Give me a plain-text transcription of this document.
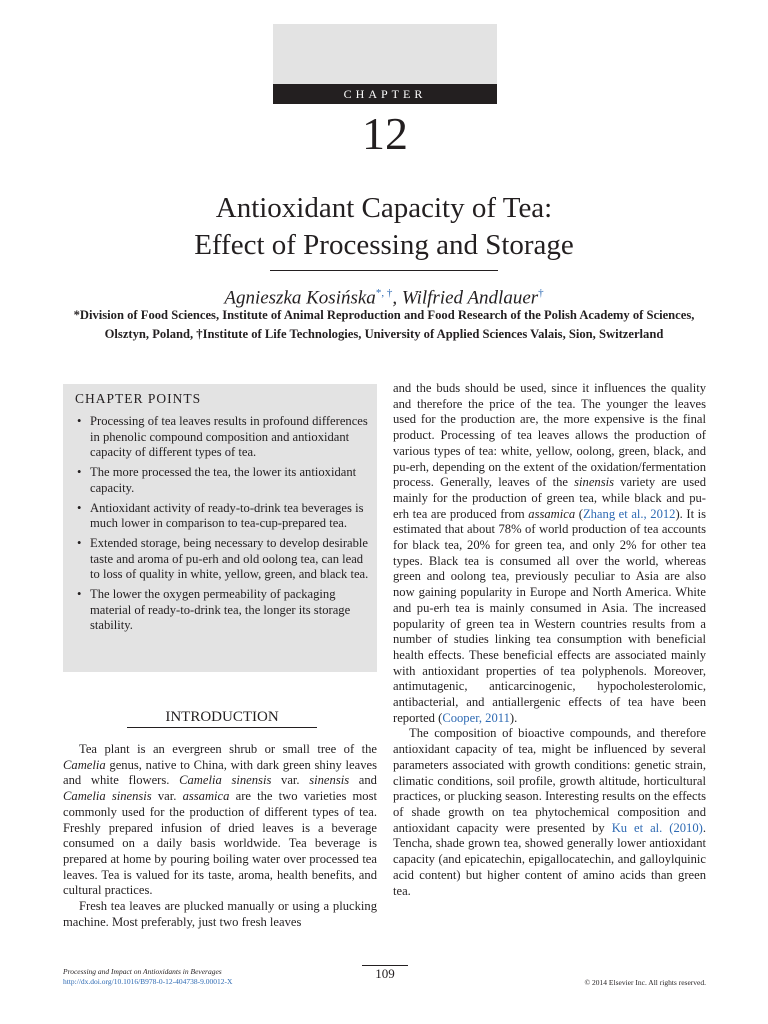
CHAPTER
12
Antioxidant Capacity of Tea:
Effect of Processing and Storage
Agnieszka Kosińska*, †, Wilfried Andlauer†
*Division of Food Sciences, Institute of Animal Reproduction and Food Research of the Polish Academy of Sciences,
Olsztyn, Poland, †Institute of Life Technologies, University of Applied Sciences Valais, Sion, Switzerland
CHAPTER POINTS
• Processing of tea leaves results in profound differences in phenolic compound composition and antioxidant capacity of different types of tea.
• The more processed the tea, the lower its antioxidant capacity.
• Antioxidant activity of ready-to-drink tea beverages is much lower in comparison to tea-cup-prepared tea.
• Extended storage, being necessary to develop desirable taste and aroma of pu-erh and old oolong tea, can lead to loss of quality in white, yellow, green, and black tea.
• The lower the oxygen permeability of packaging material of ready-to-drink tea, the longer its storage stability.
INTRODUCTION

Tea plant is an evergreen shrub or small tree of the Camelia genus, native to China, with dark green shiny leaves and white flowers. Camelia sinensis var. sinensis and Camelia sinensis var. assamica are the two varieties most commonly used for the production of different types of tea. Freshly prepared infusion of dried leaves is a beverage consumed on a daily basis worldwide. Tea beverage is prepared at home by pouring boiling water over processed tea leaves. Tea is valued for its taste, aroma, health benefits, and cultural practices.

Fresh tea leaves are plucked manually or using a plucking machine. Most preferably, just two fresh leaves

and the buds should be used, since it influences the quality and therefore the price of the tea. The younger the leaves used for the production are, the more expensive is the final product. Processing of tea leaves allows the production of various types of tea: white, yellow, oolong, green, black, and pu-erh, depending on the extent of the oxidation/fermentation process. Generally, leaves of the sinensis variety are used mainly for the production of green tea, while black and pu-erh tea are produced from assamica (Zhang et al., 2012). It is estimated that about 78% of world production of tea accounts for black tea, 20% for green tea, and only 2% for other tea types. Black tea is consumed all over the world, whereas green and oolong tea, previously peculiar to Asia are also now gaining popularity in Europe and North America. White and pu-erh tea is mainly consumed in Asia. The increased popularity of green tea in Western countries results from a number of studies linking tea consumption with beneficial health effects. These beneficial effects are associated mainly with antioxidant properties of tea polyphenols. Moreover, antimutagenic, anticarcinogenic, hypocholesterolomic, antibacterial, and antiallergenic effects of tea have been reported (Cooper, 2011).

The composition of bioactive compounds, and therefore antioxidant capacity of tea, might be influenced by several parameters associated with growth conditions: genetic strain, climatic conditions, soil profile, growth altitude, horticultural practices, or plucking season. Interesting results on the effects of shade growth on tea phytochemical composition and antioxidant capacity were presented by Ku et al. (2010). Tencha, shade grown tea, showed generally lower antioxidant capacity (and epicatechin, epigallocatechin, and galloylquinic acid content) but higher content of amino acids than green tea.

109
Processing and Impact on Antioxidants in Beverages
http://dx.doi.org/10.1016/B978-0-12-404738-9.00012-X	© 2014 Elsevier Inc. All rights reserved.
